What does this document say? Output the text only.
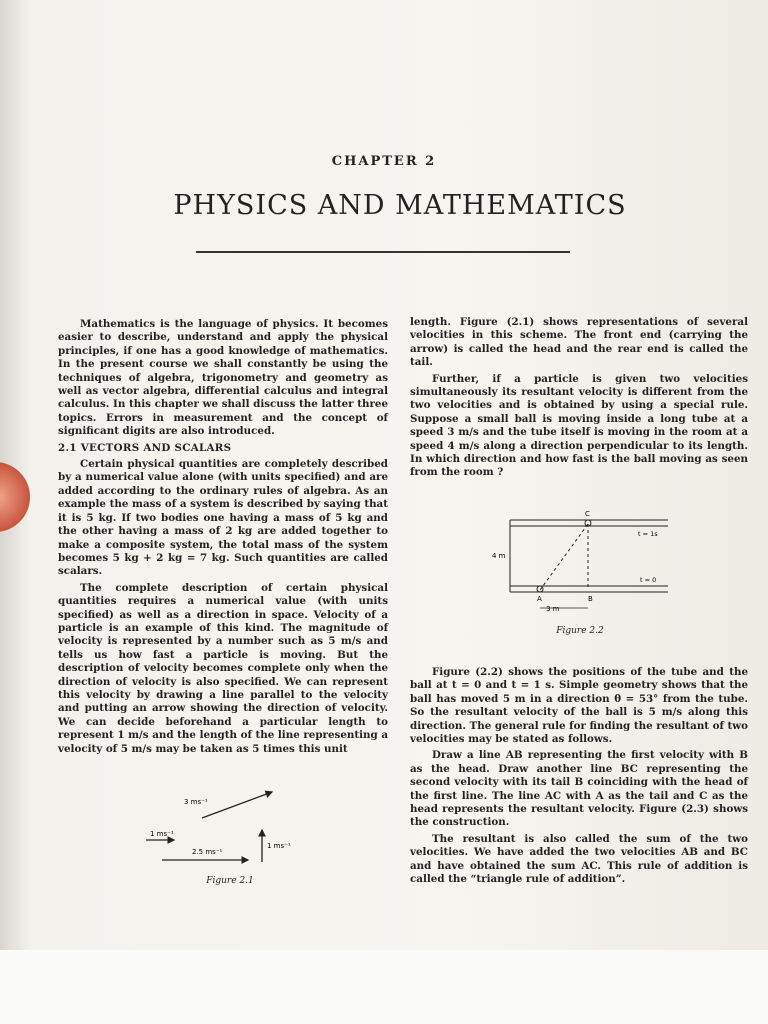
CHAPTER 2
PHYSICS AND MATHEMATICS

Mathematics is the language of physics. It becomes easier to describe, understand and apply the physical principles, if one has a good knowledge of mathematics. In the present course we shall constantly be using the techniques of algebra, trigonometry and geometry as well as vector algebra, differential calculus and integral calculus. In this chapter we shall discuss the latter three topics. Errors in measurement and the concept of significant digits are also introduced.

2.1 VECTORS AND SCALARS

Certain physical quantities are completely described by a numerical value alone (with units specified) and are added according to the ordinary rules of algebra. As an example the mass of a system is described by saying that it is 5 kg. If two bodies one having a mass of 5 kg and the other having a mass of 2 kg are added together to make a composite system, the total mass of the system becomes 5 kg + 2 kg = 7 kg. Such quantities are called scalars.

The complete description of certain physical quantities requires a numerical value (with units specified) as well as a direction in space. Velocity of a particle is an example of this kind. The magnitude of velocity is represented by a number such as 5 m/s and tells us how fast a particle is moving. But the description of velocity becomes complete only when the direction of velocity is also specified. We can represent this velocity by drawing a line parallel to the velocity and putting an arrow showing the direction of velocity. We can decide beforehand a particular length to represent 1 m/s and the length of the line representing a velocity of 5 m/s may be taken as 5 times this unit

3 ms⁻¹
1 ms⁻¹
2.5 ms⁻¹
1 ms⁻¹
Figure 2.1

length. Figure (2.1) shows representations of several velocities in this scheme. The front end (carrying the arrow) is called the head and the rear end is called the tail.

Further, if a particle is given two velocities simultaneously its resultant velocity is different from the two velocities and is obtained by using a special rule. Suppose a small ball is moving inside a long tube at a speed 3 m/s and the tube itself is moving in the room at a speed 4 m/s along a direction perpendicular to its length. In which direction and how fast is the ball moving as seen from the room ?

C
A	B
4 m
3 m
t = 1s
t = 0
Figure 2.2

Figure (2.2) shows the positions of the tube and the ball at t = 0 and t = 1 s. Simple geometry shows that the ball has moved 5 m in a direction θ = 53° from the tube. So the resultant velocity of the ball is 5 m/s along this direction. The general rule for finding the resultant of two velocities may be stated as follows.

Draw a line AB representing the first velocity with B as the head. Draw another line BC representing the second velocity with its tail B coinciding with the head of the first line. The line AC with A as the tail and C as the head represents the resultant velocity. Figure (2.3) shows the construction.

The resultant is also called the sum of the two velocities. We have added the two velocities AB and BC and have obtained the sum AC. This rule of addition is called the “triangle rule of addition”.
